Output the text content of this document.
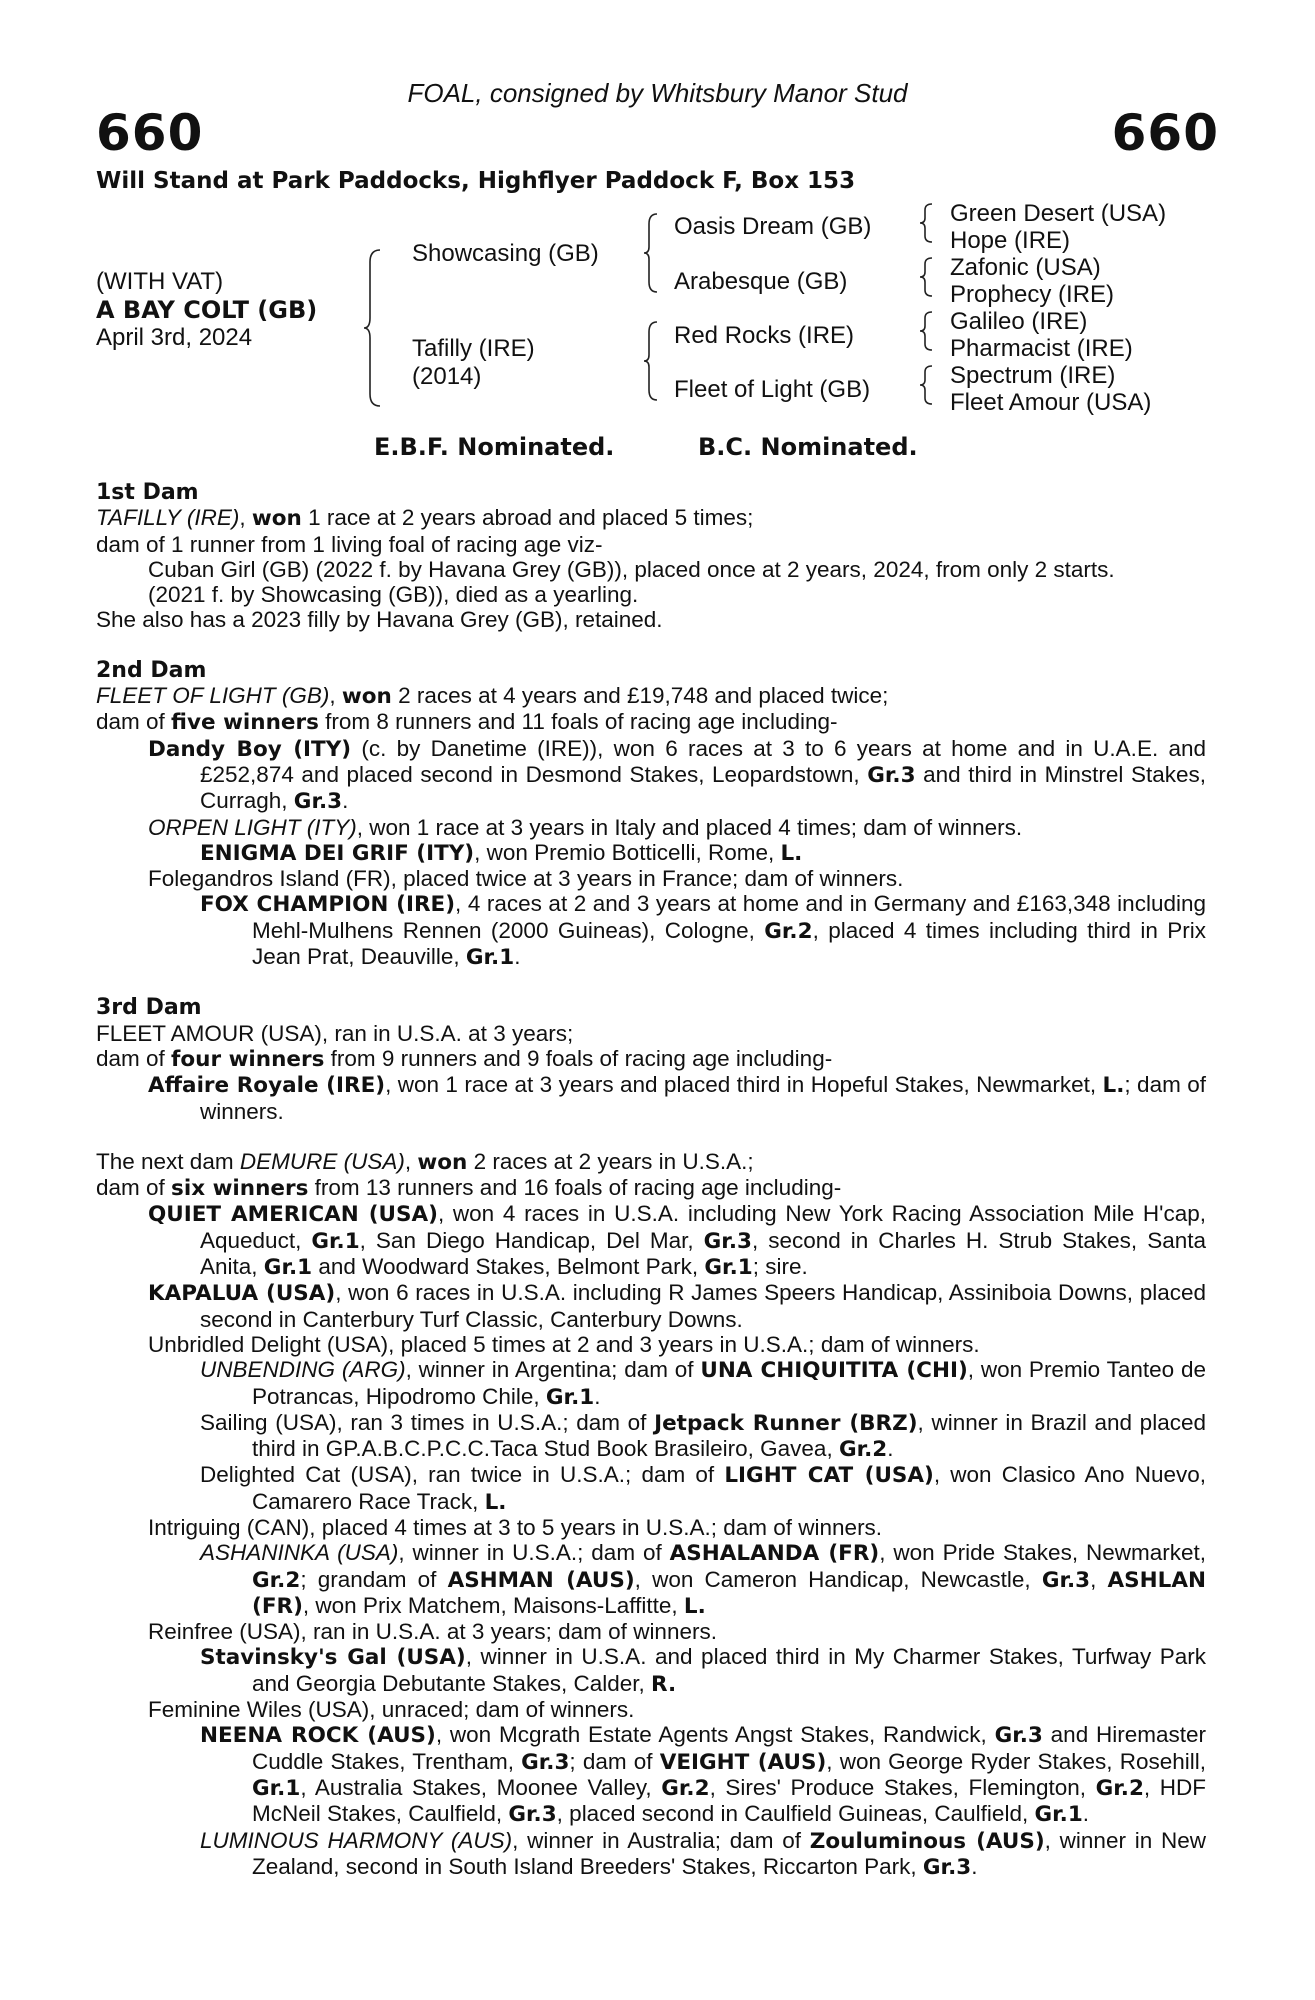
FOAL, consigned by Whitsbury Manor Stud
660	660
Will Stand at Park Paddocks, Highflyer Paddock F, Box 153
(WITH VAT)
A BAY COLT (GB)
April 3rd, 2024
Showcasing (GB)
Tafilly (IRE)
(2014)
Oasis Dream (GB)
Arabesque (GB)
Red Rocks (IRE)
Fleet of Light (GB)
Green Desert (USA)
Hope (IRE)
Zafonic (USA)
Prophecy (IRE)
Galileo (IRE)
Pharmacist (IRE)
Spectrum (IRE)
Fleet Amour (USA)
E.B.F. Nominated.	B.C. Nominated.
1st Dam
TAFILLY (IRE), won 1 race at 2 years abroad and placed 5 times;
dam of 1 runner from 1 living foal of racing age viz-
Cuban Girl (GB) (2022 f. by Havana Grey (GB)), placed once at 2 years, 2024, from only 2 starts.
(2021 f. by Showcasing (GB)), died as a yearling.
She also has a 2023 filly by Havana Grey (GB), retained.
2nd Dam
FLEET OF LIGHT (GB), won 2 races at 4 years and £19,748 and placed twice;
dam of five winners from 8 runners and 11 foals of racing age including-
Dandy Boy (ITY) (c. by Danetime (IRE)), won 6 races at 3 to 6 years at home and in U.A.E. and £252,874 and placed second in Desmond Stakes, Leopardstown, Gr.3 and third in Minstrel Stakes, Curragh, Gr.3.
ORPEN LIGHT (ITY), won 1 race at 3 years in Italy and placed 4 times; dam of winners.
ENIGMA DEI GRIF (ITY), won Premio Botticelli, Rome, L.
Folegandros Island (FR), placed twice at 3 years in France; dam of winners.
FOX CHAMPION (IRE), 4 races at 2 and 3 years at home and in Germany and £163,348 including Mehl-Mulhens Rennen (2000 Guineas), Cologne, Gr.2, placed 4 times including third in Prix Jean Prat, Deauville, Gr.1.
3rd Dam
FLEET AMOUR (USA), ran in U.S.A. at 3 years;
dam of four winners from 9 runners and 9 foals of racing age including-
Affaire Royale (IRE), won 1 race at 3 years and placed third in Hopeful Stakes, Newmarket, L.; dam of winners.
The next dam DEMURE (USA), won 2 races at 2 years in U.S.A.;
dam of six winners from 13 runners and 16 foals of racing age including-
QUIET AMERICAN (USA), won 4 races in U.S.A. including New York Racing Association Mile H'cap, Aqueduct, Gr.1, San Diego Handicap, Del Mar, Gr.3, second in Charles H. Strub Stakes, Santa Anita, Gr.1 and Woodward Stakes, Belmont Park, Gr.1; sire.
KAPALUA (USA), won 6 races in U.S.A. including R James Speers Handicap, Assiniboia Downs, placed second in Canterbury Turf Classic, Canterbury Downs.
Unbridled Delight (USA), placed 5 times at 2 and 3 years in U.S.A.; dam of winners.
UNBENDING (ARG), winner in Argentina; dam of UNA CHIQUITITA (CHI), won Premio Tanteo de Potrancas, Hipodromo Chile, Gr.1.
Sailing (USA), ran 3 times in U.S.A.; dam of Jetpack Runner (BRZ), winner in Brazil and placed third in GP.A.B.C.P.C.C.Taca Stud Book Brasileiro, Gavea, Gr.2.
Delighted Cat (USA), ran twice in U.S.A.; dam of LIGHT CAT (USA), won Clasico Ano Nuevo, Camarero Race Track, L.
Intriguing (CAN), placed 4 times at 3 to 5 years in U.S.A.; dam of winners.
ASHANINKA (USA), winner in U.S.A.; dam of ASHALANDA (FR), won Pride Stakes, Newmarket, Gr.2; grandam of ASHMAN (AUS), won Cameron Handicap, Newcastle, Gr.3, ASHLAN (FR), won Prix Matchem, Maisons-Laffitte, L.
Reinfree (USA), ran in U.S.A. at 3 years; dam of winners.
Stavinsky's Gal (USA), winner in U.S.A. and placed third in My Charmer Stakes, Turfway Park and Georgia Debutante Stakes, Calder, R.
Feminine Wiles (USA), unraced; dam of winners.
NEENA ROCK (AUS), won Mcgrath Estate Agents Angst Stakes, Randwick, Gr.3 and Hiremaster Cuddle Stakes, Trentham, Gr.3; dam of VEIGHT (AUS), won George Ryder Stakes, Rosehill, Gr.1, Australia Stakes, Moonee Valley, Gr.2, Sires' Produce Stakes, Flemington, Gr.2, HDF McNeil Stakes, Caulfield, Gr.3, placed second in Caulfield Guineas, Caulfield, Gr.1.
LUMINOUS HARMONY (AUS), winner in Australia; dam of Zouluminous (AUS), winner in New Zealand, second in South Island Breeders' Stakes, Riccarton Park, Gr.3.
